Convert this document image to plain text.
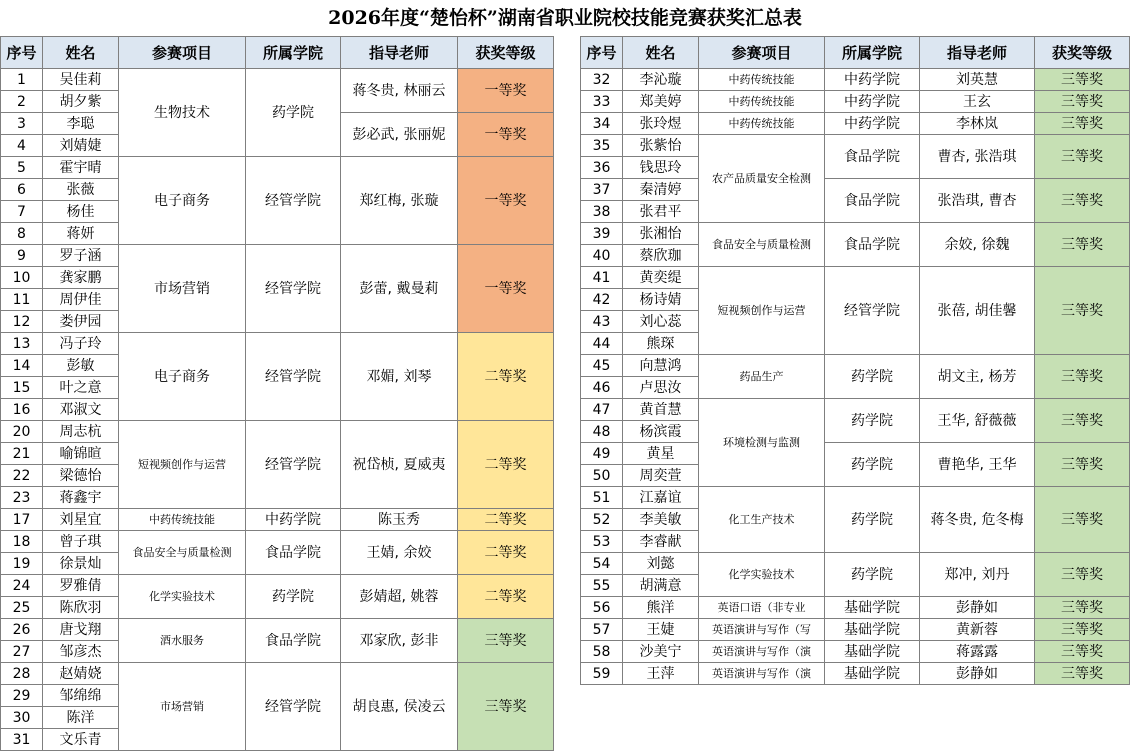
2026年度“楚怡杯”湖南省职业院校技能竞赛获奖汇总表
序号	姓名	参赛项目	所属学院	指导老师	获奖等级
1	吴佳莉	生物技术	药学院	蒋冬贵, 林丽云	一等奖
2	胡夕紫				
3	李聪			彭必武, 张丽妮	一等奖
4	刘婧婕				
5	霍宇晴	电子商务	经管学院	郑红梅, 张璇	一等奖
6	张薇				
7	杨佳				
8	蒋妍				
9	罗子涵	市场营销	经管学院	彭蕾, 戴曼莉	一等奖
10	龚家鹏				
11	周伊佳				
12	娄伊园				
13	冯子玲	电子商务	经管学院	邓媚, 刘琴	二等奖
14	彭敏				
15	叶之意				
16	邓淑文				
20	周志杭	短视频创作与运营	经管学院	祝岱桢, 夏威夷	二等奖
21	喻锦暄				
22	梁德怡				
23	蒋鑫宇				
17	刘星宜	中药传统技能	中药学院	陈玉秀	二等奖
18	曾子琪	食品安全与质量检测	食品学院	王婧, 余姣	二等奖
19	徐景灿				
24	罗雅倩	化学实验技术	药学院	彭婧超, 姚蓉	二等奖
25	陈欣羽				
26	唐戈翔	酒水服务	食品学院	邓家欣, 彭非	三等奖
27	邹彦杰				
28	赵婧娆	市场营销	经管学院	胡良惠, 侯凌云	三等奖
29	邹绵绵				
30	陈洋				
31	文乐青				
序号	姓名	参赛项目	所属学院	指导老师	获奖等级
32	李沁璇	中药传统技能	中药学院	刘英慧	三等奖
33	郑美婷	中药传统技能	中药学院	王玄	三等奖
34	张玲煜	中药传统技能	中药学院	李林岚	三等奖
35	张紫怡	农产品质量安全检测	食品学院	曹杏, 张浩琪	三等奖
36	钱思玲				
37	秦清婷		食品学院	张浩琪, 曹杏	三等奖
38	张君平				
39	张湘怡	食品安全与质量检测	食品学院	余姣, 徐魏	三等奖
40	蔡欣珈				
41	黄奕缇	短视频创作与运营	经管学院	张蓓, 胡佳馨	三等奖
42	杨诗婧				
43	刘心蕊				
44	熊琛				
45	向慧鸿	药品生产	药学院	胡文主, 杨芳	三等奖
46	卢思汝				
47	黄首慧	环境检测与监测	药学院	王华, 舒薇薇	三等奖
48	杨滨霞				
49	黄星		药学院	曹艳华, 王华	三等奖
50	周奕萱				
51	江嘉谊	化工生产技术	药学院	蒋冬贵, 危冬梅	三等奖
52	李美敏				
53	李睿献				
54	刘懿	化学实验技术	药学院	郑冲, 刘丹	三等奖
55	胡满意				
56	熊洋	英语口语（非专业	基础学院	彭静如	三等奖
57	王婕	英语演讲与写作（写	基础学院	黄新蓉	三等奖
58	沙美宁	英语演讲与写作（演	基础学院	蒋露露	三等奖
59	王萍	英语演讲与写作（演	基础学院	彭静如	三等奖
